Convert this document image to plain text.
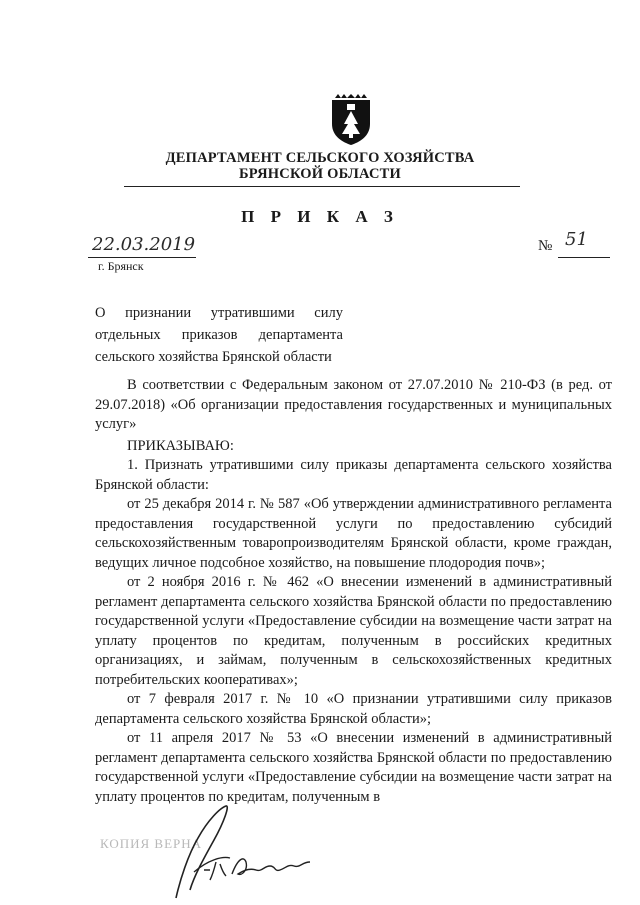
ДЕПАРТАМЕНТ СЕЛЬСКОГО ХОЗЯЙСТВА
БРЯНСКОЙ ОБЛАСТИ
П Р И К А З
22.03.2019
г. Брянск
№ 51
О признании утратившими силу
отдельных приказов департамента
сельского хозяйства Брянской области

В соответствии с Федеральным законом от 27.07.2010 № 210-ФЗ (в ред. от 29.07.2018) «Об организации предоставления государственных и муниципальных услуг»

ПРИКАЗЫВАЮ:

1. Признать утратившими силу приказы департамента сельского хозяйства Брянской области:

от 25 декабря 2014 г. № 587 «Об утверждении административного регламента предоставления государственной услуги по предоставлению субсидий сельскохозяйственным товаропроизводителям Брянской области, кроме граждан, ведущих личное подсобное хозяйство, на повышение плодородия почв»;

от 2 ноября 2016 г. № 462 «О внесении изменений в административный регламент департамента сельского хозяйства Брянской области по предоставлению государственной услуги «Предоставление субсидии на возмещение части затрат на уплату процентов по кредитам, полученным в российских кредитных организациях, и займам, полученным в сельскохозяйственных кредитных потребительских кооперативах»;

от 7 февраля 2017 г. № 10 «О признании утратившими силу приказов департамента сельского хозяйства Брянской области»;

от 11 апреля 2017 № 53 «О внесении изменений в административный регламент департамента сельского хозяйства Брянской области по предоставлению государственной услуги «Предоставление субсидии на возмещение части затрат на уплату процентов по кредитам, полученным в

КОПИЯ ВЕРНА
